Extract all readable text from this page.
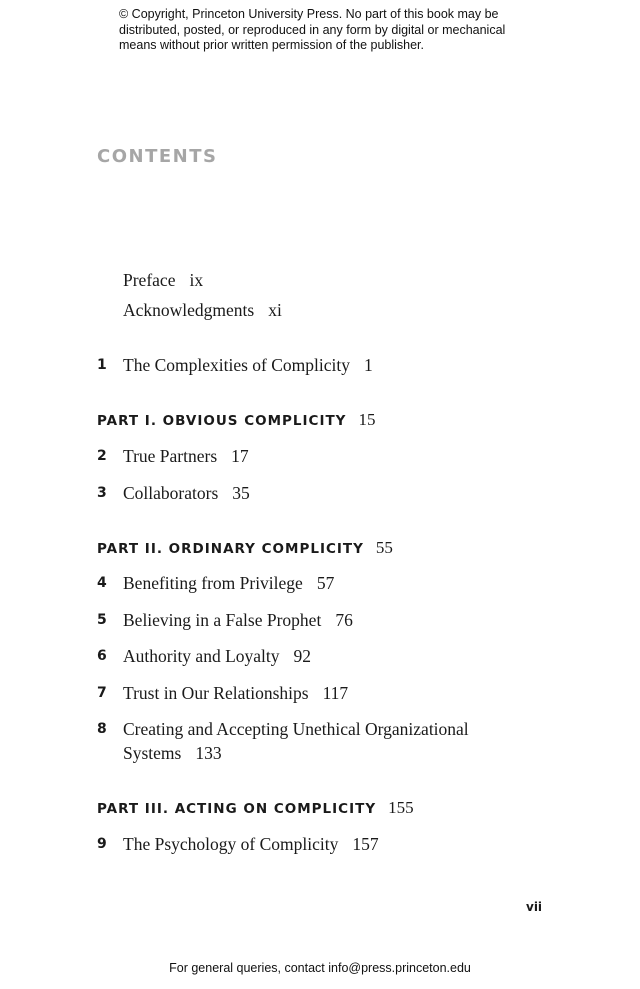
© Copyright, Princeton University Press. No part of this book may be distributed, posted, or reproduced in any form by digital or mechanical means without prior written permission of the publisher.
CONTENTS
Preface ix
Acknowledgments xi
1 The Complexities of Complicity 1
PART I. OBVIOUS COMPLICITY 15
2 True Partners 17
3 Collaborators 35
PART II. ORDINARY COMPLICITY 55
4 Benefiting from Privilege 57
5 Believing in a False Prophet 76
6 Authority and Loyalty 92
7 Trust in Our Relationships 117
8 Creating and Accepting Unethical Organizational
Systems 133
PART III. ACTING ON COMPLICITY 155
9 The Psychology of Complicity 157
vii
For general queries, contact info@press.princeton.edu
